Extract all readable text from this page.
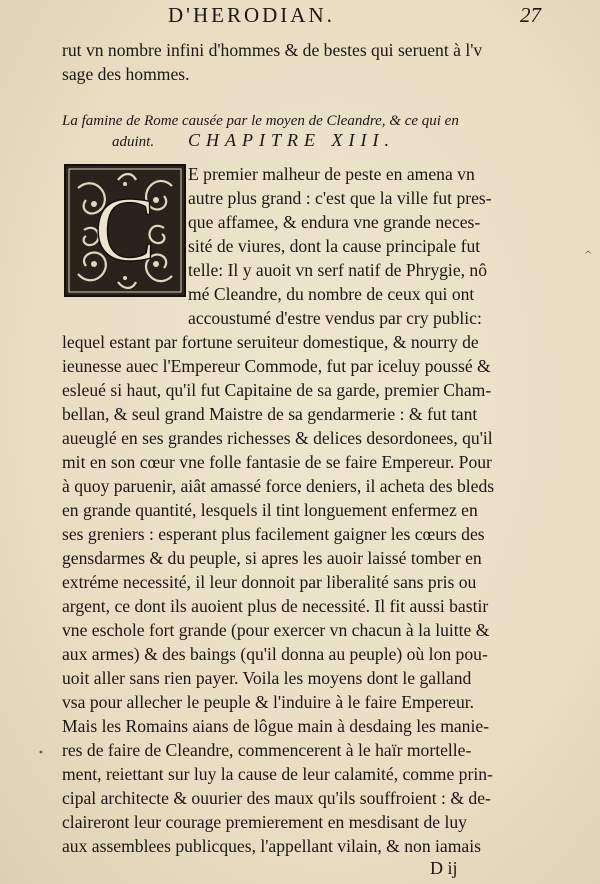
D'HERODIAN.	27
rut vn nombre infini d'hommes & de bestes qui seruent à l'v
sage des hommes.
La famine de Rome causée par le moyen de Cleandre, & ce qui en
aduint. CHAPITRE XIII.
C
E premier malheur de peste en amena vn
autre plus grand : c'est que la ville fut pres-
que affamee, & endura vne grande neces-
sité de viures, dont la cause principale fut
telle: Il y auoit vn serf natif de Phrygie, nô
mé Cleandre, du nombre de ceux qui ont
accoustumé d'estre vendus par cry public:
lequel estant par fortune seruiteur domestique, & nourry de
ieunesse auec l'Empereur Commode, fut par iceluy poussé &
esleué si haut, qu'il fut Capitaine de sa garde, premier Cham-
bellan, & seul grand Maistre de sa gendarmerie : & fut tant
aueuglé en ses grandes richesses & delices desordonees, qu'il
mit en son cœur vne folle fantasie de se faire Empereur. Pour
à quoy paruenir, aiât amassé force deniers, il acheta des bleds
en grande quantité, lesquels il tint longuement enfermez en
ses greniers : esperant plus facilement gaigner les cœurs des
gensdarmes & du peuple, si apres les auoir laissé tomber en
extréme necessité, il leur donnoit par liberalité sans pris ou
argent, ce dont ils auoient plus de necessité. Il fit aussi bastir
vne eschole fort grande (pour exercer vn chacun à la luitte &
aux armes) & des baings (qu'il donna au peuple) où lon pou-
uoit aller sans rien payer. Voila les moyens dont le galland
vsa pour allecher le peuple & l'induire à le faire Empereur.
Mais les Romains aians de lôgue main à desdaing les manie-
res de faire de Cleandre, commencerent à le haïr mortelle-
ment, reiettant sur luy la cause de leur calamité, comme prin-
cipal architecte & ouurier des maux qu'ils souffroient : & de-
claireront leur courage premierement en mesdisant de luy
aux assemblees publicques, l'appellant vilain, & non iamais
D ij
^
•
